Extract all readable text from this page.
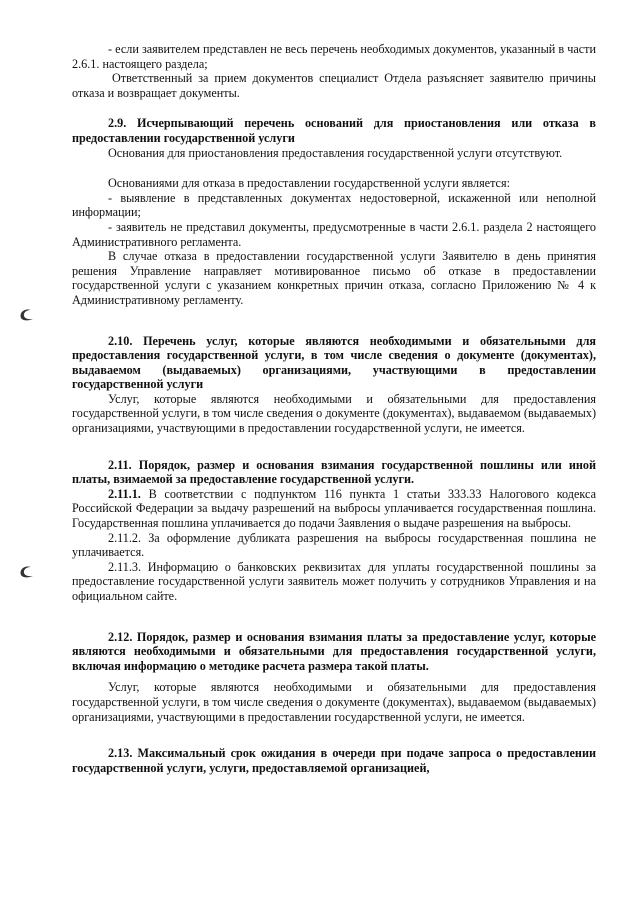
- если заявителем представлен не весь перечень необходимых документов, указанный в части 2.6.1. настоящего раздела;

Ответственный за прием документов специалист Отдела разъясняет заявителю причины отказа и возвращает документы.

2.9. Исчерпывающий перечень оснований для приостановления или отказа в предоставлении государственной услуги

Основания для приостановления предоставления государственной услуги отсутствуют.

Основаниями для отказа в предоставлении государственной услуги является:

- выявление в представленных документах недостоверной, искаженной или неполной информации;

- заявитель не представил документы, предусмотренные в части 2.6.1. раздела 2 настоящего Административного регламента.

В случае отказа в предоставлении государственной услуги Заявителю в день принятия решения Управление направляет мотивированное письмо об отказе в предоставлении государственной услуги с указанием конкретных причин отказа, согласно Приложению № 4 к Административному регламенту.

2.10. Перечень услуг, которые являются необходимыми и обязательными для предоставления государственной услуги, в том числе сведения о документе (документах), выдаваемом (выдаваемых) организациями, участвующими в предоставлении государственной услуги

Услуг, которые являются необходимыми и обязательными для предоставления государственной услуги, в том числе сведения о документе (документах), выдаваемом (выдаваемых) организациями, участвующими в предоставлении государственной услуги, не имеется.

2.11. Порядок, размер и основания взимания государственной пошлины или иной платы, взимаемой за предоставление государственной услуги.

2.11.1. В соответствии с подпунктом 116 пункта 1 статьи 333.33 Налогового кодекса Российской Федерации за выдачу разрешений на выбросы уплачивается государственная пошлина. Государственная пошлина уплачивается до подачи Заявления о выдаче разрешения на выбросы.

2.11.2. За оформление дубликата разрешения на выбросы государственная пошлина не уплачивается.

2.11.3. Информацию о банковских реквизитах для уплаты государственной пошлины за предоставление государственной услуги заявитель может получить у сотрудников Управления и на официальном сайте.

2.12. Порядок, размер и основания взимания платы за предоставление услуг, которые являются необходимыми и обязательными для предоставления государственной услуги, включая информацию о методике расчета размера такой платы.

Услуг, которые являются необходимыми и обязательными для предоставления государственной услуги, в том числе сведения о документе (документах), выдаваемом (выдаваемых) организациями, участвующими в предоставлении государственной услуги, не имеется.

2.13. Максимальный срок ожидания в очереди при подаче запроса о предоставлении государственной услуги, услуги, предоставляемой организацией,
